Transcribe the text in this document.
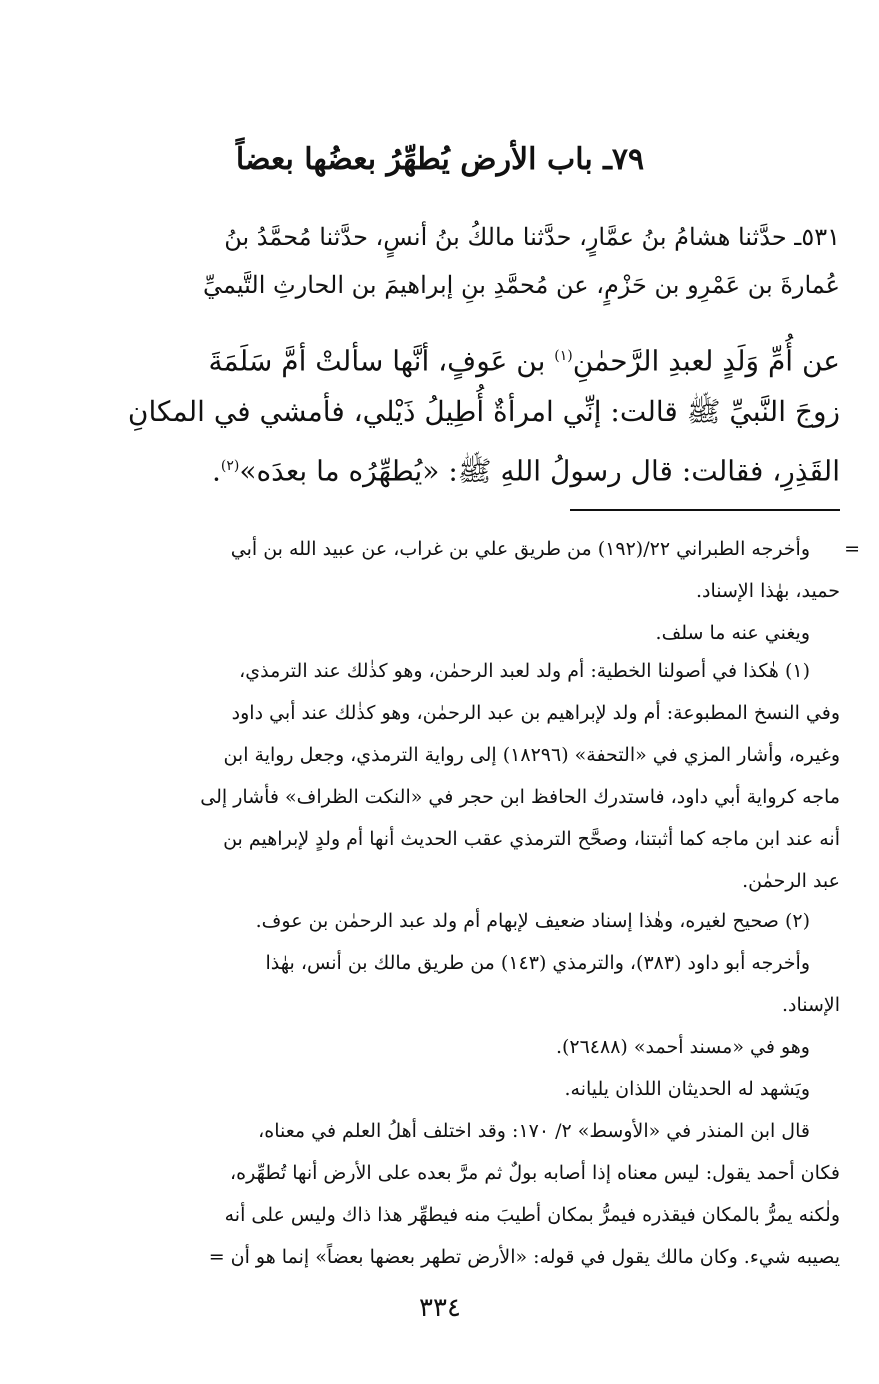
٧٩ـ باب الأرض يُطهِّرُ بعضُها بعضاً
٥٣١ـ حدَّثنا هشامُ بنُ عمَّارٍ، حدَّثنا مالكُ بنُ أنسٍ، حدَّثنا مُحمَّدُ بنُ
عُمارةَ بن عَمْرِو بن حَزْمٍ، عن مُحمَّدِ بنِ إبراهيمَ بن الحارثِ التَّيميِّ
عن أُمِّ وَلَدٍ لعبدِ الرَّحمٰنِ$^{(١)}$ بن عَوفٍ، أنَّها سألتْ أمَّ سَلَمَةَ
زوجَ النَّبيِّ ﷺ قالت: إنِّي امرأةٌ أُطِيلُ ذَيْلي، فأمشي في المكانِ
القَذِرِ، فقالت: قال رسولُ اللهِ ﷺ: «يُطهِّرُه ما بعدَه»$^{(٢)}$.
=
وأخرجه الطبراني ٢٢/(١٩٢) من طريق علي بن غراب، عن عبيد الله بن أبي
حميد، بهٰذا الإسناد.
ويغني عنه ما سلف.
(١) هٰكذا في أصولنا الخطية: أم ولد لعبد الرحمٰن، وهو كذٰلك عند الترمذي،
وفي النسخ المطبوعة: أم ولد لإبراهيم بن عبد الرحمٰن، وهو كذٰلك عند أبي داود
وغيره، وأشار المزي في «التحفة» (١٨٢٩٦) إلى رواية الترمذي، وجعل رواية ابن
ماجه كرواية أبي داود، فاستدرك الحافظ ابن حجر في «النكت الظراف» فأشار إلى
أنه عند ابن ماجه كما أثبتنا، وصحَّح الترمذي عقب الحديث أنها أم ولدٍ لإبراهيم بن
عبد الرحمٰن.
(٢) صحيح لغيره، وهٰذا إسناد ضعيف لإبهام أم ولد عبد الرحمٰن بن عوف.
وأخرجه أبو داود (٣٨٣)، والترمذي (١٤٣) من طريق مالك بن أنس، بهٰذا
الإسناد.
وهو في «مسند أحمد» (٢٦٤٨٨).
ويَشهد له الحديثان اللذان يليانه.
قال ابن المنذر في «الأوسط» ٢/ ١٧٠: وقد اختلف أهلُ العلم في معناه،
فكان أحمد يقول: ليس معناه إذا أصابه بولٌ ثم مرَّ بعده على الأرض أنها تُطهِّره،
ولٰكنه يمرُّ بالمكان فيقذره فيمرُّ بمكان أطيبَ منه فيطهِّر هذا ذاك وليس على أنه
يصيبه شيء. وكان مالك يقول في قوله: «الأرض تطهر بعضها بعضاً» إنما هو أن =
٣٣٤
